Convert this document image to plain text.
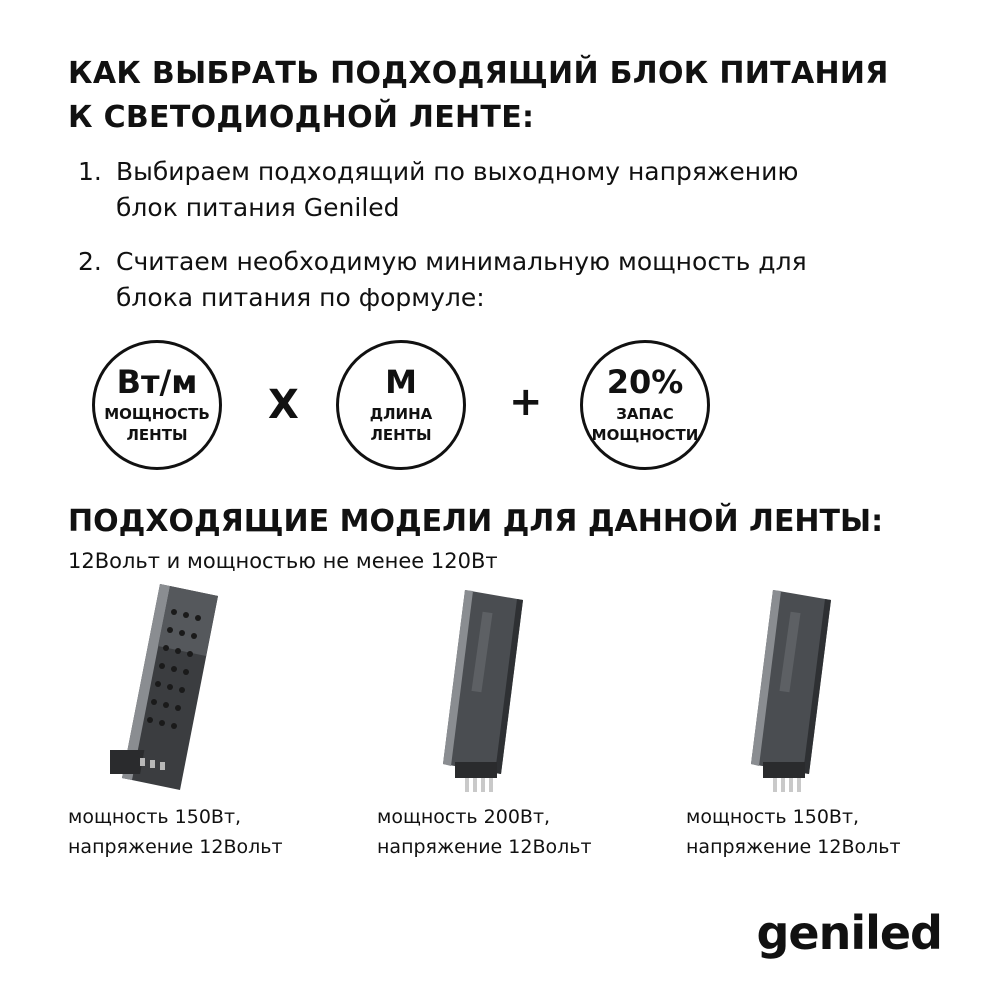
КАК ВЫБРАТЬ ПОДХОДЯЩИЙ БЛОК ПИТАНИЯ
К СВЕТОДИОДНОЙ ЛЕНТЕ:
1. Выбираем подходящий по выходному напряжению
блок питания Geniled
2. Считаем необходимую минимальную мощность для
блока питания по формуле:
Вт/м
МОЩНОСТЬ
ЛЕНТЫ
X	М
ДЛИНА
ЛЕНТЫ
+ 20%
ЗАПАС
МОЩНОСТИ
ПОДХОДЯЩИЕ МОДЕЛИ ДЛЯ ДАННОЙ ЛЕНТЫ:
12Вольт и мощностью не менее 120Вт
мощность 150Вт,
напряжение 12Вольт
мощность 200Вт,
напряжение 12Вольт
мощность 150Вт,
напряжение 12Вольт
geniled
